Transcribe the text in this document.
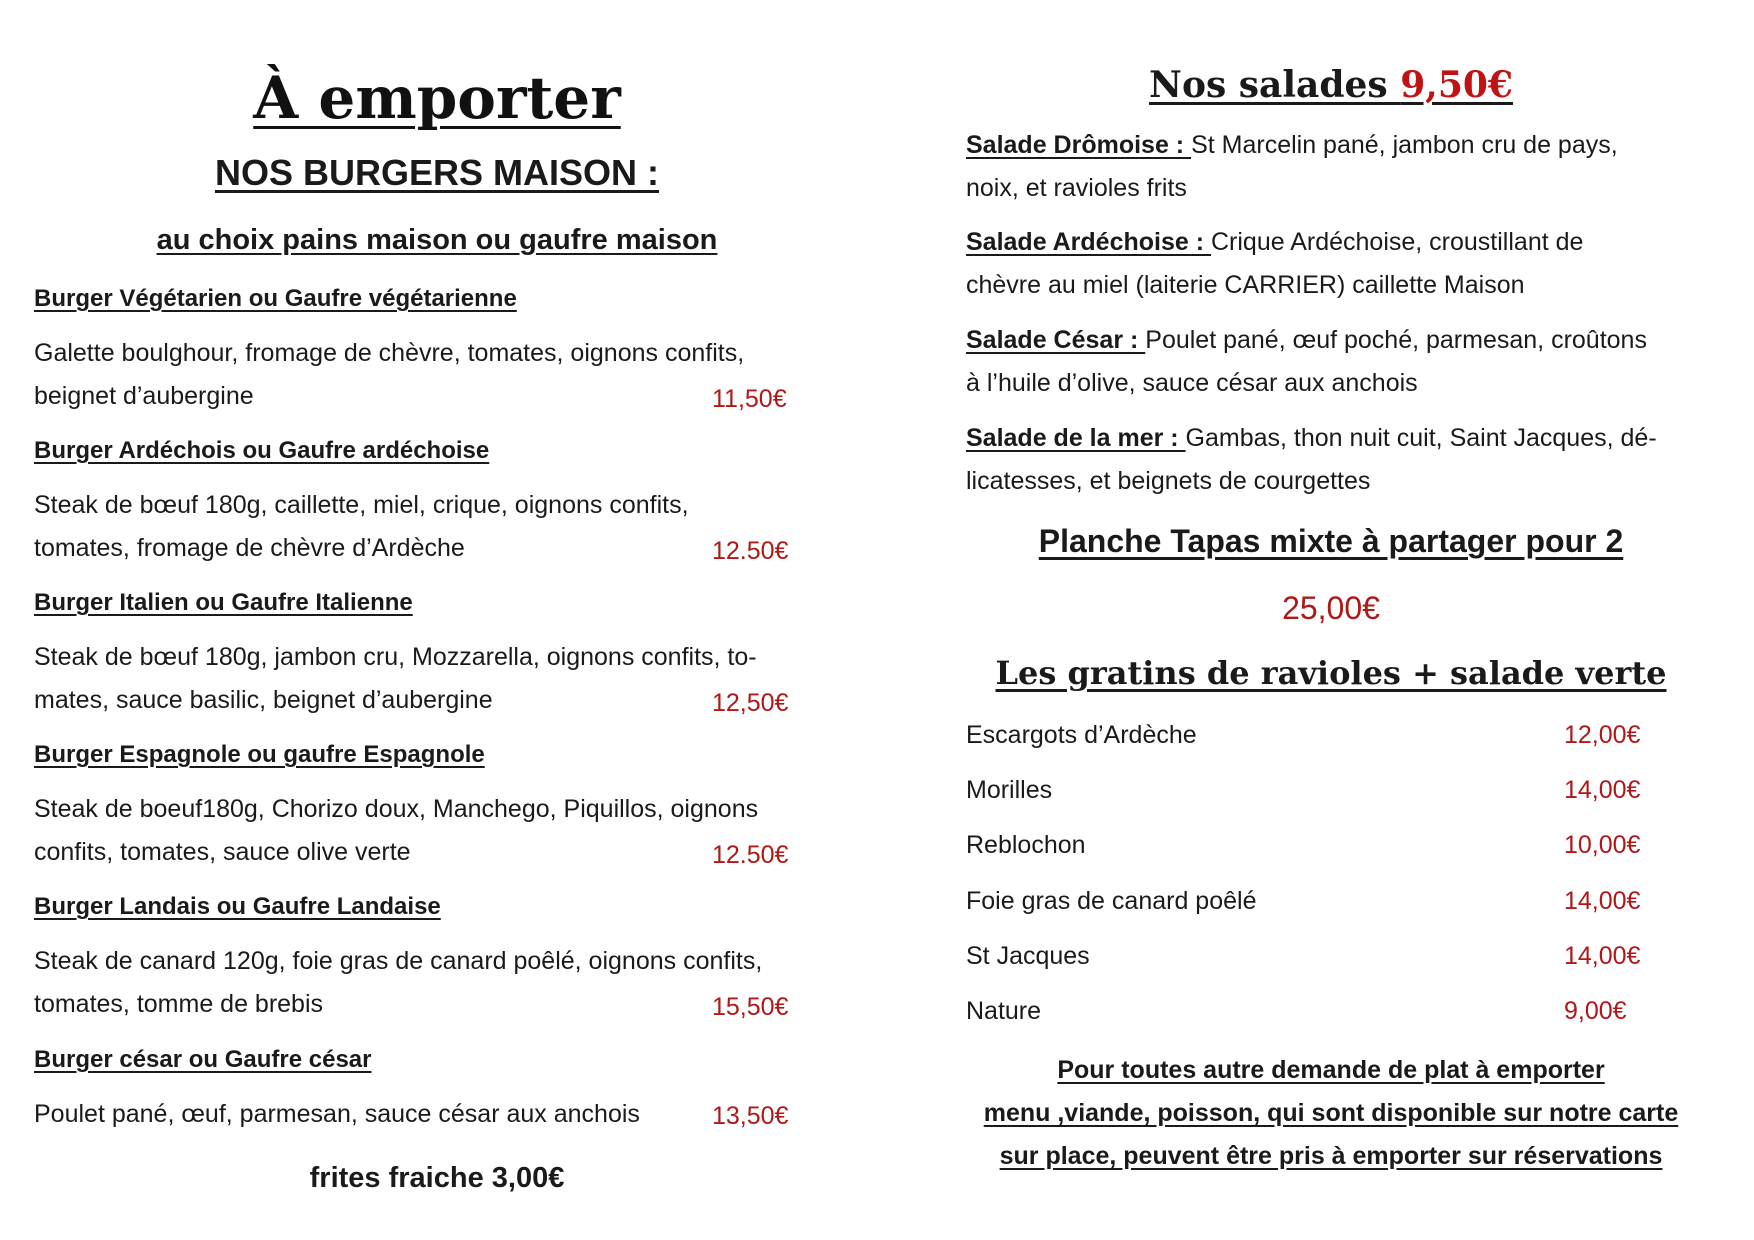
À emporter
NOS BURGERS MAISON :
au choix pains maison ou gaufre maison
Burger Végétarien ou Gaufre végétarienne
Galette boulghour, fromage de chèvre, tomates, oignons confits,
beignet d’aubergine	11,50€
Burger Ardéchois ou Gaufre ardéchoise
Steak de bœuf 180g, caillette, miel, crique, oignons confits,
tomates, fromage de chèvre d’Ardèche	12.50€
Burger Italien ou Gaufre Italienne
Steak de bœuf 180g, jambon cru, Mozzarella, oignons confits, to-
mates, sauce basilic, beignet d’aubergine	12,50€
Burger Espagnole ou gaufre Espagnole
Steak de boeuf180g, Chorizo doux, Manchego, Piquillos, oignons
confits, tomates, sauce olive verte	12.50€
Burger Landais ou Gaufre Landaise
Steak de canard 120g, foie gras de canard poêlé, oignons confits,
tomates, tomme de brebis	15,50€
Burger césar ou Gaufre césar
Poulet pané, œuf, parmesan, sauce césar aux anchois	13,50€
frites fraiche 3,00€
Nos salades 9,50€
Salade Drômoise : St Marcelin pané, jambon cru de pays,
noix, et ravioles frits
Salade Ardéchoise : Crique Ardéchoise, croustillant de
chèvre au miel (laiterie CARRIER) caillette Maison
Salade César : Poulet pané, œuf poché, parmesan, croûtons
à l’huile d’olive, sauce césar aux anchois
Salade de la mer : Gambas, thon nuit cuit, Saint Jacques, dé-
licatesses, et beignets de courgettes
Planche Tapas mixte à partager pour 2
25,00€
Les gratins de ravioles + salade verte
Escargots d’Ardèche	12,00€
Morilles	14,00€
Reblochon	10,00€
Foie gras de canard poêlé	14,00€
St Jacques	14,00€
Nature	9,00€
Pour toutes autre demande de plat à emporter
menu ,viande, poisson, qui sont disponible sur notre carte
sur place, peuvent être pris à emporter sur réservations
